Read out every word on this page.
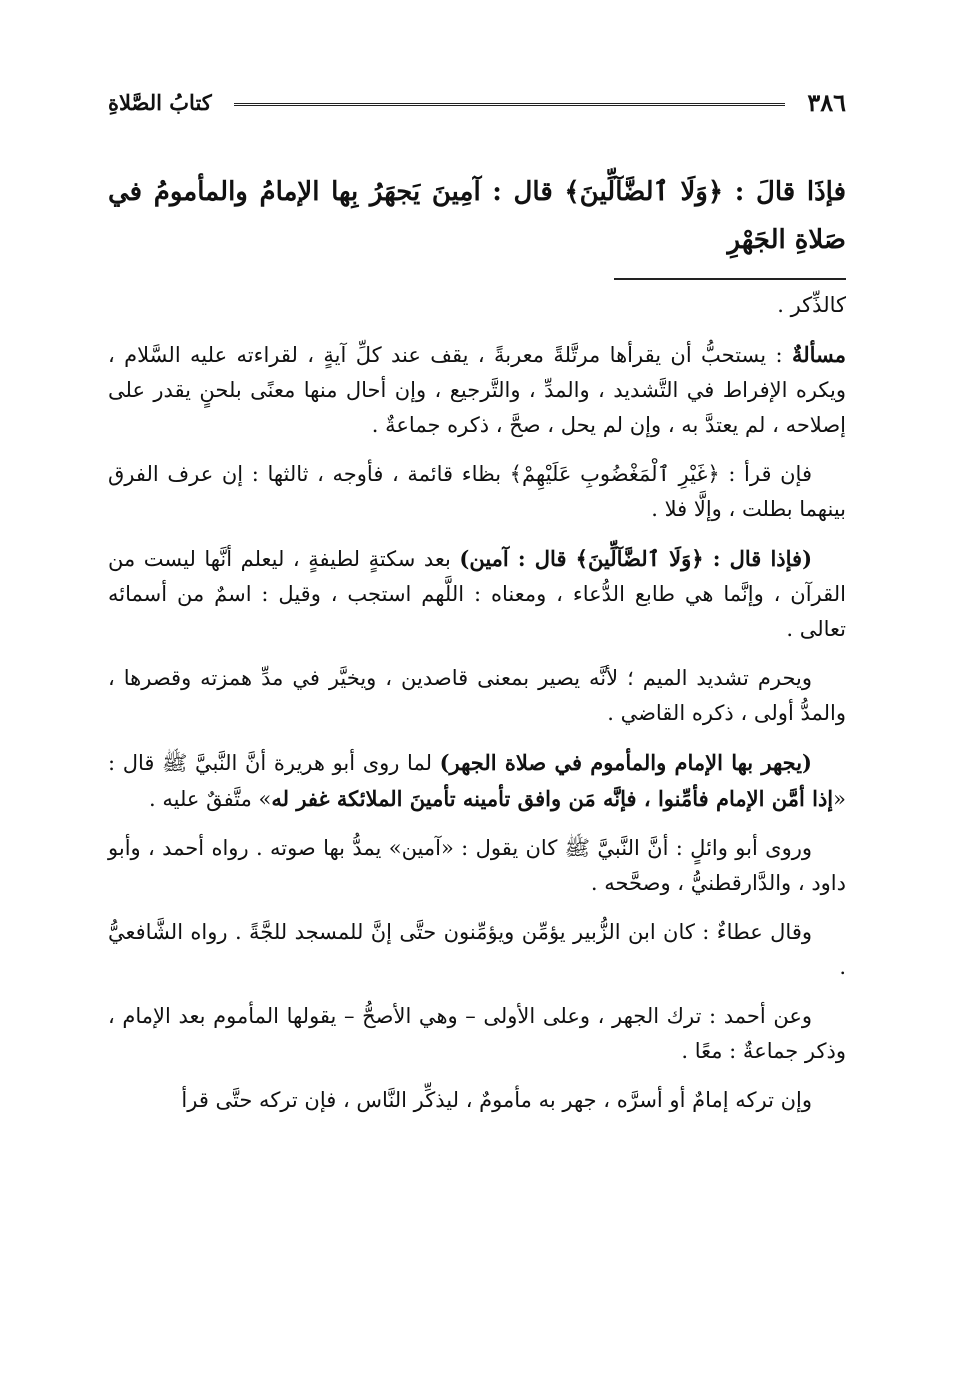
٣٨٦
كتابُ الصَّلاةِ
فإذَا قالَ : ﴿وَلَا ٱلضَّآلِّينَ﴾ قال : آمِينَ يَجهَرُ بِها الإمامُ والمأمومُ في صَلاةِ الجَهْرِ

كالذِّكر .

مسألةٌ : يستحبُّ أن يقرأها مرتَّلةً معربةً ، يقف عند كلِّ آيةٍ ، لقراءته عليه السَّلام ، ويكره الإفراط في التَّشديد ، والمدِّ ، والتَّرجيع ، وإن أحال منها معنًى بلحنٍ يقدر على إصلاحه ، لم يعتدَّ به ، وإن لم يحل ، صحَّ ، ذكره جماعةٌ .

فإن قرأ : ﴿غَيْرِ ٱلْمَغْضُوبِ عَلَيْهِمْ﴾ بظاء قائمة ، فأوجه ، ثالثها : إن عرف الفرق بينهما بطلت ، وإلَّا فلا .

(فإذا قال : ﴿وَلَا ٱلضَّآلِّينَ﴾ قال : آمين) بعد سكتةٍ لطيفةٍ ، ليعلم أنَّها ليست من القرآن ، وإنَّما هي طابع الدُّعاء ، ومعناه : اللَّهم استجب ، وقيل : اسمٌ من أسمائه تعالى .

ويحرم تشديد الميم ؛ لأنَّه يصير بمعنى قاصدين ، ويخيَّر في مدِّ همزته وقصرها ، والمدُّ أولى ، ذكره القاضي .

(يجهر بها الإمام والمأموم في صلاة الجهر) لما روى أبو هريرة أنَّ النَّبيَّ ﷺ قال : «إذا أمَّن الإمام فأمِّنوا ، فإنَّه مَن وافق تأمينه تأمينَ الملائكة غفر له» متَّفقٌ عليه .

وروى أبو وائلٍ : أنَّ النَّبيَّ ﷺ كان يقول : «آمين» يمدُّ بها صوته . رواه أحمد ، وأبو داود ، والدَّارقطنيُّ ، وصحَّحه .

وقال عطاءٌ : كان ابن الزُّبير يؤمِّن ويؤمِّنون حتَّى إنَّ للمسجد للجَّةً . رواه الشَّافعيُّ .

وعن أحمد : ترك الجهر ، وعلى الأولى – وهي الأصحُّ – يقولها المأموم بعد الإمام ، وذكر جماعةٌ : معًا .

وإن تركه إمامٌ أو أسرَّه ، جهر به مأمومٌ ، ليذكِّر النَّاس ، فإن تركه حتَّى قرأ
